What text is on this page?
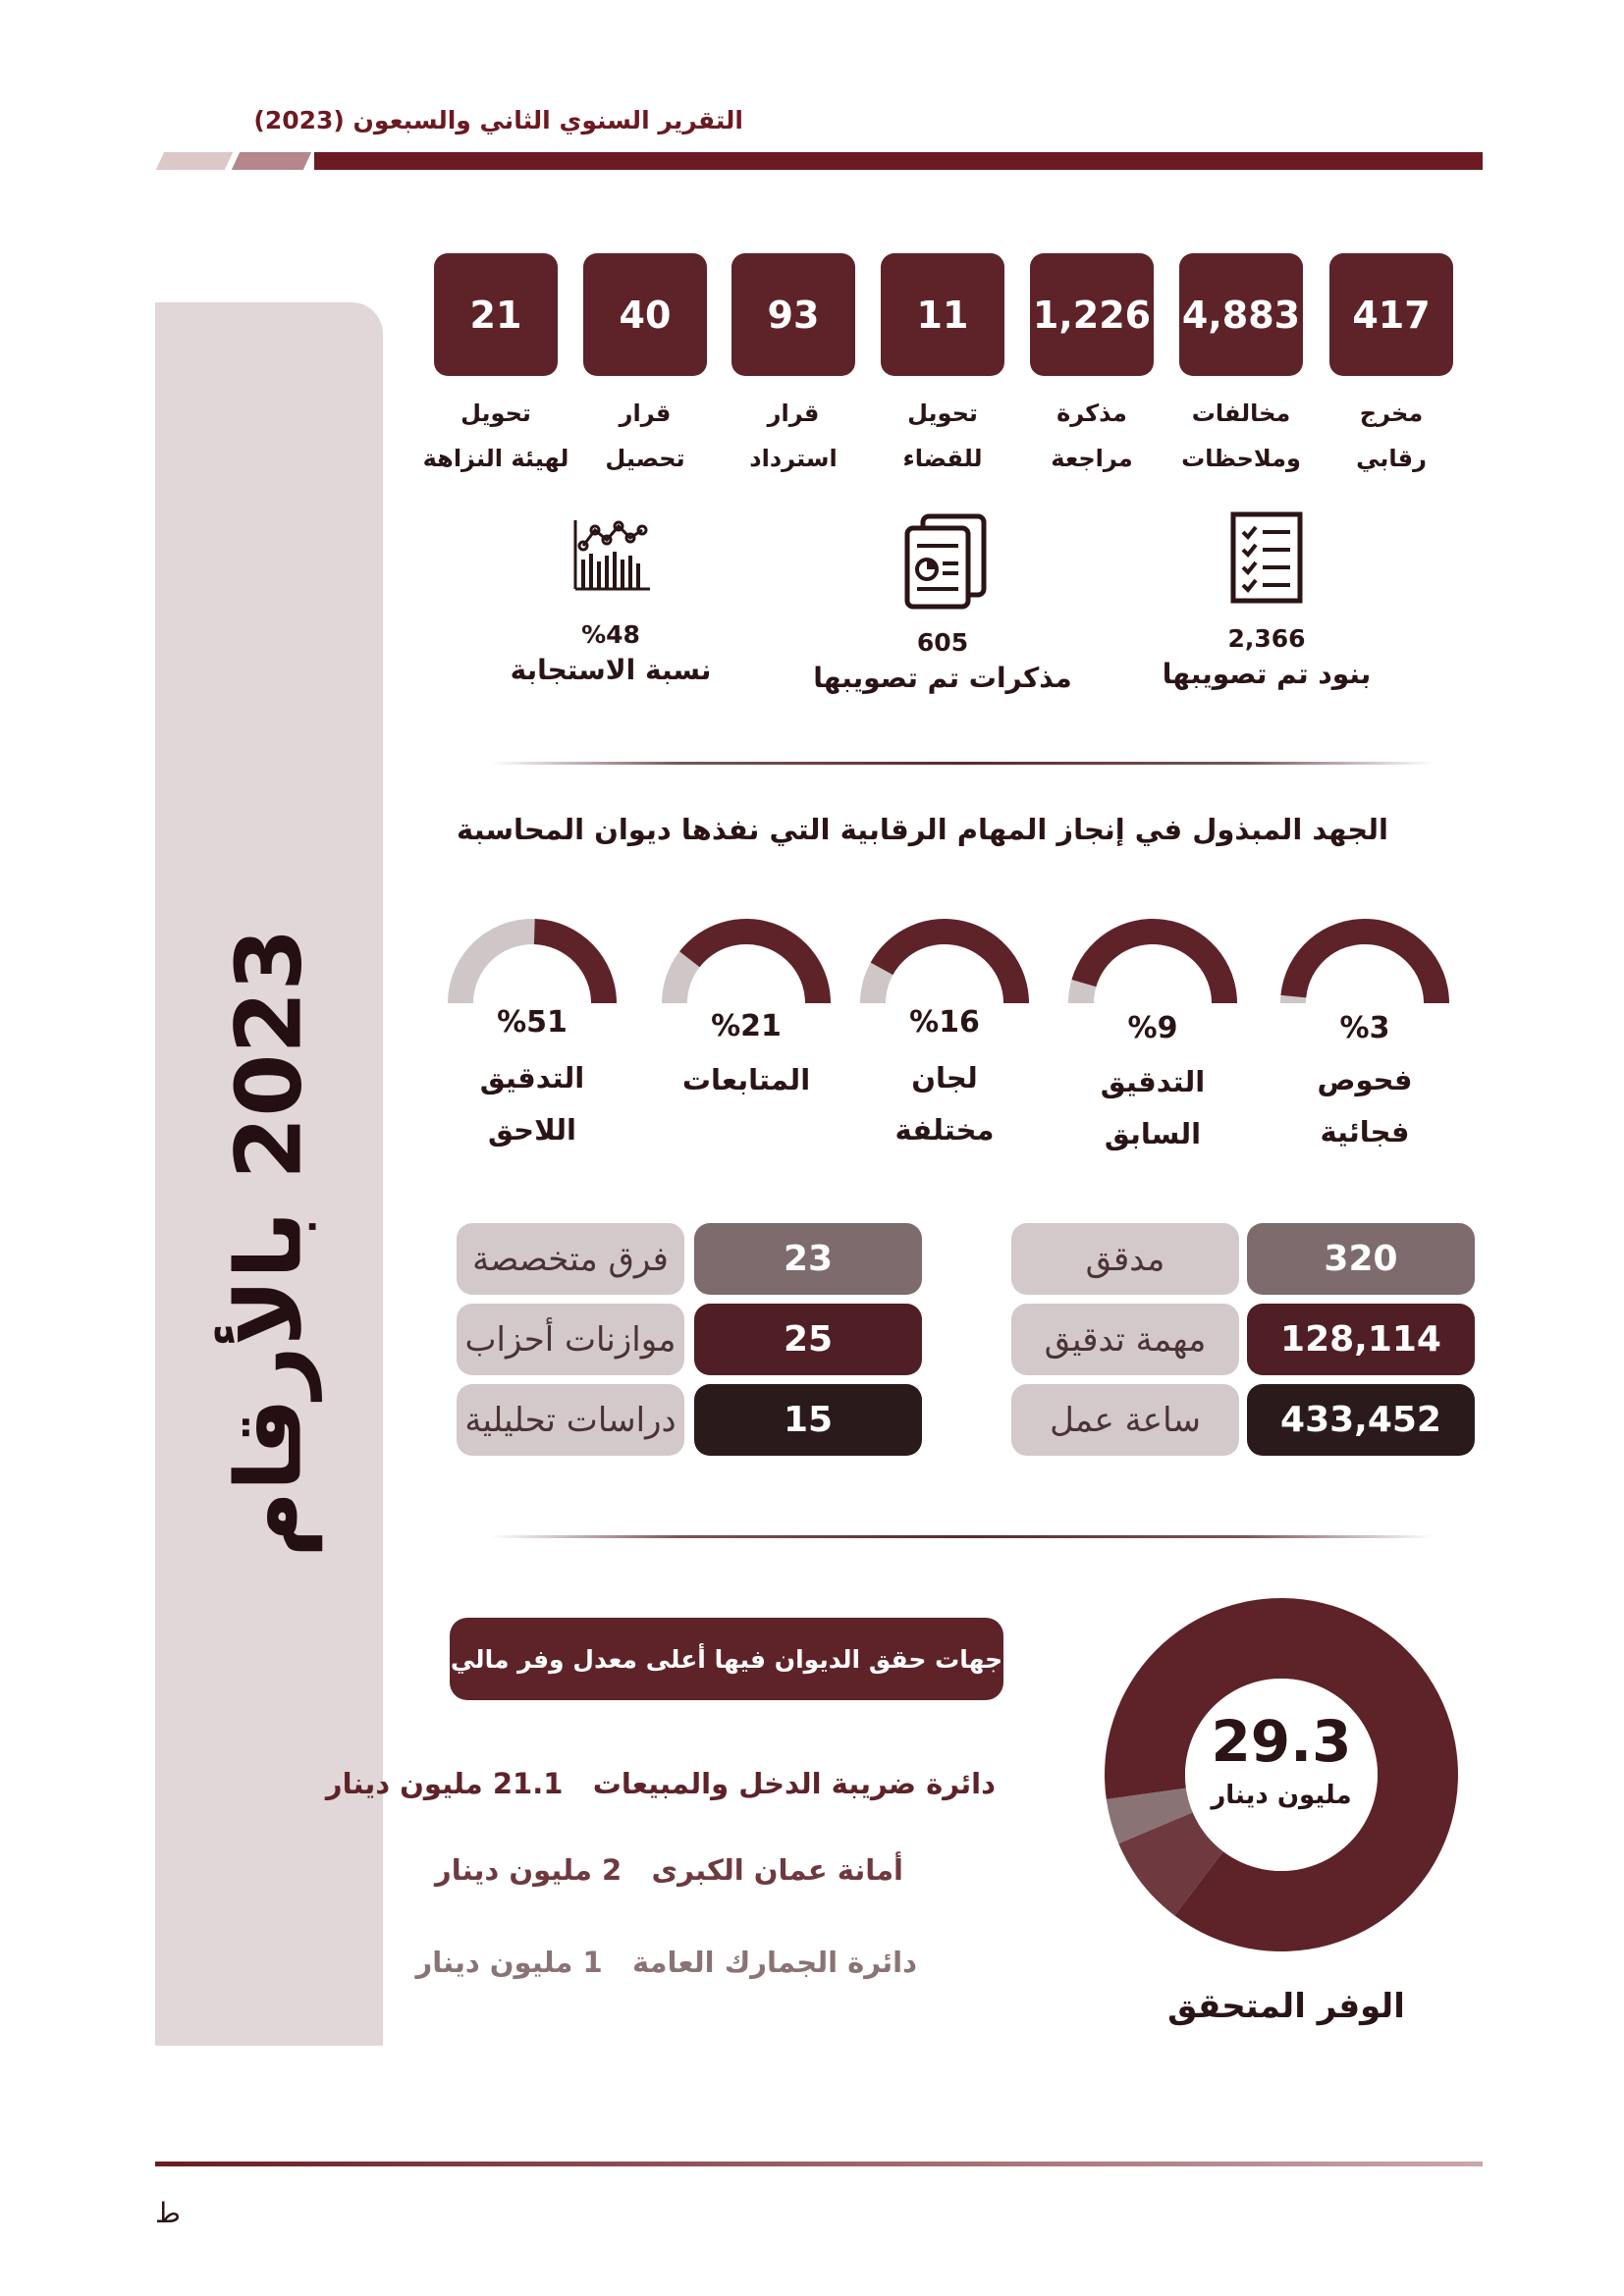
التقرير السنوي الثاني والسبعون (2023)
2023 بالأرقام
417
4,883
1,226
11
93
40
21
مخرج
رقابي
مخالفات
وملاحظات
مذكرة
مراجعة
تحويل
للقضاء
قرار
استرداد
قرار
تحصيل
تحويل
لهيئة النزاهة
2,366
بنود تم تصويبها
605
مذكرات تم تصويبها
%48
نسبة الاستجابة
الجهد المبذول في إنجاز المهام الرقابية التي نفذها ديوان المحاسبة
%3
فحوص
فجائية
%9
التدقيق
السابق
%16
لجان
مختلفة
%21
المتابعات
%51
التدقيق
اللاحق
320
مدقق
128,114
مهمة تدقيق
433,452
ساعة عمل
23
فرق متخصصة
25
موازنات أحزاب
15
دراسات تحليلية
جهات حقق الديوان فيها أعلى معدل وفر مالي
دائرة ضريبة الدخل والمبيعات   21.1 مليون دينار
أمانة عمان الكبرى   2 مليون دينار
دائرة الجمارك العامة   1 مليون دينار
29.3
مليون دينار
الوفر المتحقق
ط
